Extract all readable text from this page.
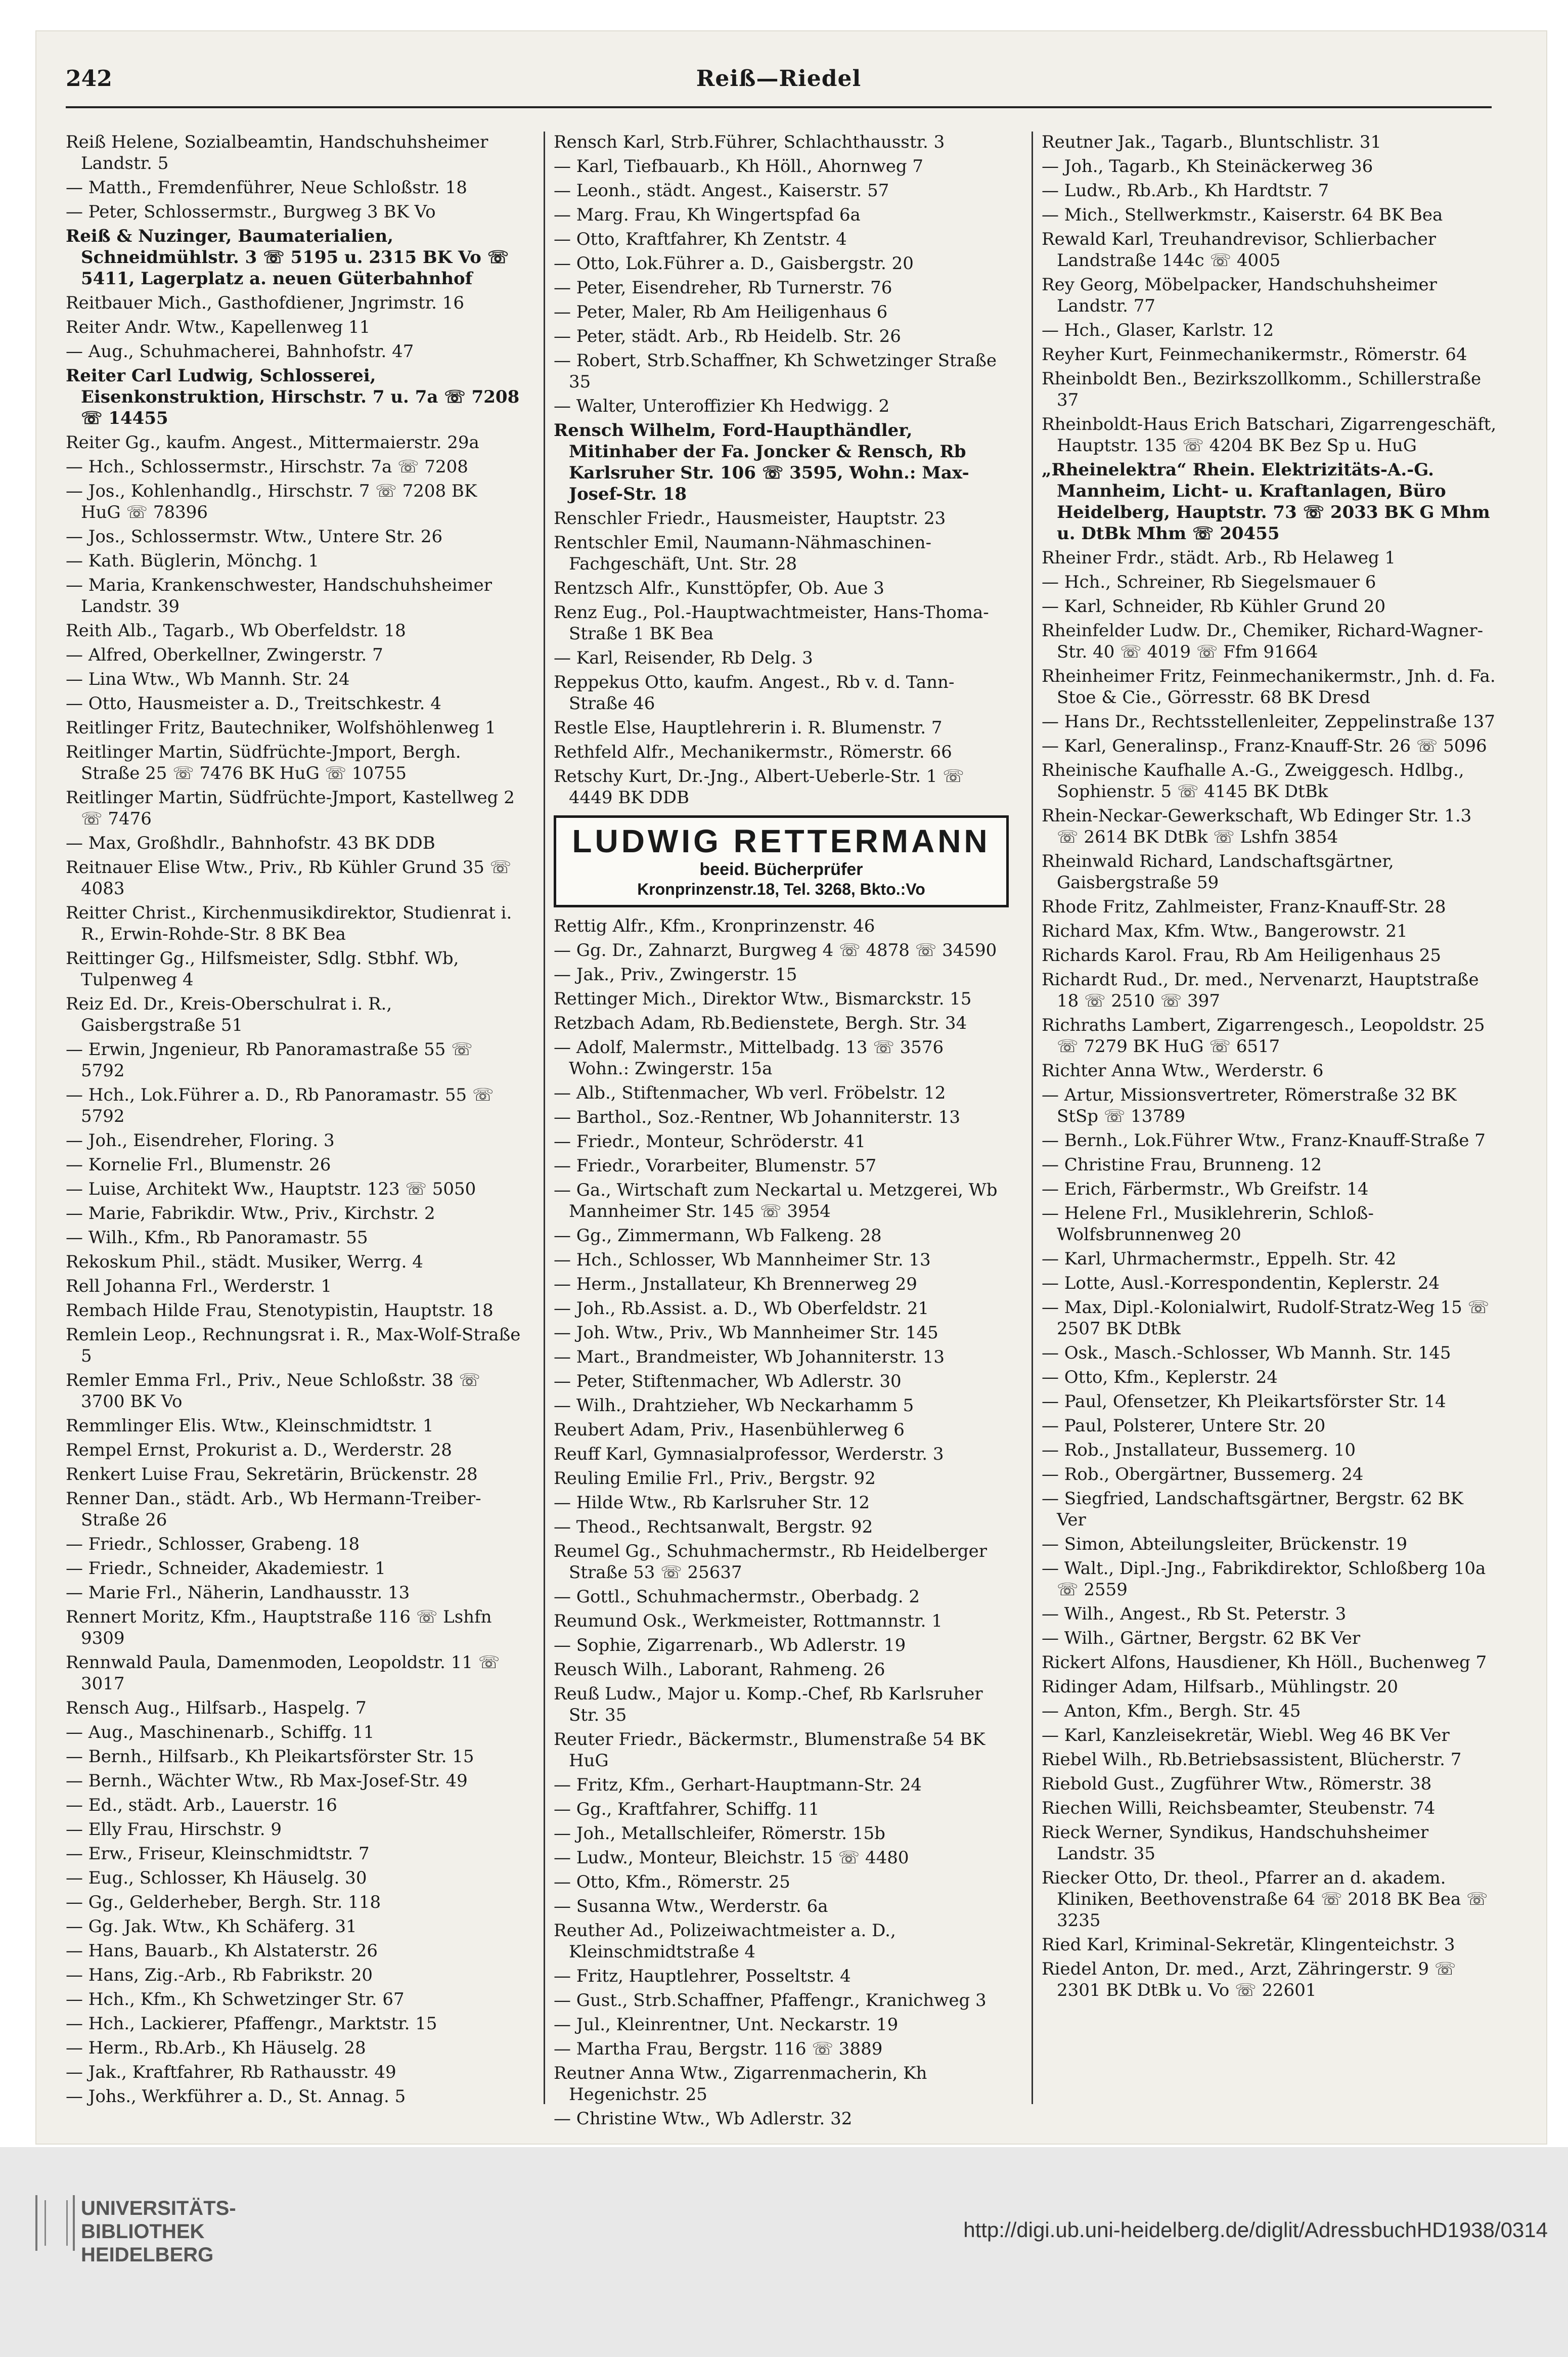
242	Reiß—Riedel
Reiß Helene, Sozialbeamtin, Handschuhsheimer Landstr. 5
— Matth., Fremdenführer, Neue Schloßstr. 18
— Peter, Schlossermstr., Burgweg 3 BK Vo
Reiß & Nuzinger, Baumaterialien, Schneidmühlstr. 3 ☏ 5195 u. 2315 BK Vo ☏ 5411, Lagerplatz a. neuen Güterbahnhof
Reitbauer Mich., Gasthofdiener, Jngrimstr. 16
Reiter Andr. Wtw., Kapellenweg 11
— Aug., Schuhmacherei, Bahnhofstr. 47
Reiter Carl Ludwig, Schlosserei, Eisenkonstruktion, Hirschstr. 7 u. 7a ☏ 7208 ☏ 14455
Reiter Gg., kaufm. Angest., Mittermaierstr. 29a
— Hch., Schlossermstr., Hirschstr. 7a ☏ 7208
— Jos., Kohlenhandlg., Hirschstr. 7 ☏ 7208 BK HuG ☏ 78396
— Jos., Schlossermstr. Wtw., Untere Str. 26
— Kath. Büglerin, Mönchg. 1
— Maria, Krankenschwester, Handschuhsheimer Landstr. 39
Reith Alb., Tagarb., Wb Oberfeldstr. 18
— Alfred, Oberkellner, Zwingerstr. 7
— Lina Wtw., Wb Mannh. Str. 24
— Otto, Hausmeister a. D., Treitschkestr. 4
Reitlinger Fritz, Bautechniker, Wolfshöhlenweg 1
Reitlinger Martin, Südfrüchte-Jmport, Bergh. Straße 25 ☏ 7476 BK HuG ☏ 10755
Reitlinger Martin, Südfrüchte-Jmport, Kastellweg 2 ☏ 7476
— Max, Großhdlr., Bahnhofstr. 43 BK DDB
Reitnauer Elise Wtw., Priv., Rb Kühler Grund 35 ☏ 4083
Reitter Christ., Kirchenmusikdirektor, Studienrat i. R., Erwin-Rohde-Str. 8 BK Bea
Reittinger Gg., Hilfsmeister, Sdlg. Stbhf. Wb, Tulpenweg 4
Reiz Ed. Dr., Kreis-Oberschulrat i. R., Gaisbergstraße 51
— Erwin, Jngenieur, Rb Panoramastraße 55 ☏ 5792
— Hch., Lok.Führer a. D., Rb Panoramastr. 55 ☏ 5792
— Joh., Eisendreher, Floring. 3
— Kornelie Frl., Blumenstr. 26
— Luise, Architekt Ww., Hauptstr. 123 ☏ 5050
— Marie, Fabrikdir. Wtw., Priv., Kirchstr. 2
— Wilh., Kfm., Rb Panoramastr. 55
Rekoskum Phil., städt. Musiker, Werrg. 4
Rell Johanna Frl., Werderstr. 1
Rembach Hilde Frau, Stenotypistin, Hauptstr. 18
Remlein Leop., Rechnungsrat i. R., Max-Wolf-Straße 5
Remler Emma Frl., Priv., Neue Schloßstr. 38 ☏ 3700 BK Vo
Remmlinger Elis. Wtw., Kleinschmidtstr. 1
Rempel Ernst, Prokurist a. D., Werderstr. 28
Renkert Luise Frau, Sekretärin, Brückenstr. 28
Renner Dan., städt. Arb., Wb Hermann-Treiber-Straße 26
— Friedr., Schlosser, Grabeng. 18
— Friedr., Schneider, Akademiestr. 1
— Marie Frl., Näherin, Landhausstr. 13
Rennert Moritz, Kfm., Hauptstraße 116 ☏ Lshfn 9309
Rennwald Paula, Damenmoden, Leopoldstr. 11 ☏ 3017
Rensch Aug., Hilfsarb., Haspelg. 7
— Aug., Maschinenarb., Schiffg. 11
— Bernh., Hilfsarb., Kh Pleikartsförster Str. 15
— Bernh., Wächter Wtw., Rb Max-Josef-Str. 49
— Ed., städt. Arb., Lauerstr. 16
— Elly Frau, Hirschstr. 9
— Erw., Friseur, Kleinschmidtstr. 7
— Eug., Schlosser, Kh Häuselg. 30
— Gg., Gelderheber, Bergh. Str. 118
— Gg. Jak. Wtw., Kh Schäferg. 31
— Hans, Bauarb., Kh Alstaterstr. 26
— Hans, Zig.-Arb., Rb Fabrikstr. 20
— Hch., Kfm., Kh Schwetzinger Str. 67
— Hch., Lackierer, Pfaffengr., Marktstr. 15
— Herm., Rb.Arb., Kh Häuselg. 28
— Jak., Kraftfahrer, Rb Rathausstr. 49
— Johs., Werkführer a. D., St. Annag. 5
Rensch Karl, Strb.Führer, Schlachthausstr. 3
— Karl, Tiefbauarb., Kh Höll., Ahornweg 7
— Leonh., städt. Angest., Kaiserstr. 57
— Marg. Frau, Kh Wingertspfad 6a
— Otto, Kraftfahrer, Kh Zentstr. 4
— Otto, Lok.Führer a. D., Gaisbergstr. 20
— Peter, Eisendreher, Rb Turnerstr. 76
— Peter, Maler, Rb Am Heiligenhaus 6
— Peter, städt. Arb., Rb Heidelb. Str. 26
— Robert, Strb.Schaffner, Kh Schwetzinger Straße 35
— Walter, Unteroffizier Kh Hedwigg. 2
Rensch Wilhelm, Ford-Haupthändler, Mitinhaber der Fa. Joncker & Rensch, Rb Karlsruher Str. 106 ☏ 3595, Wohn.: Max-Josef-Str. 18
Renschler Friedr., Hausmeister, Hauptstr. 23
Rentschler Emil, Naumann-Nähmaschinen-Fachgeschäft, Unt. Str. 28
Rentzsch Alfr., Kunsttöpfer, Ob. Aue 3
Renz Eug., Pol.-Hauptwachtmeister, Hans-Thoma-Straße 1 BK Bea
— Karl, Reisender, Rb Delg. 3
Reppekus Otto, kaufm. Angest., Rb v. d. Tann-Straße 46
Restle Else, Hauptlehrerin i. R. Blumenstr. 7
Rethfeld Alfr., Mechanikermstr., Römerstr. 66
Retschy Kurt, Dr.-Jng., Albert-Ueberle-Str. 1 ☏ 4449 BK DDB
LUDWIG RETTERMANN
beeid. Bücherprüfer
Kronprinzenstr.18, Tel. 3268, Bkto.:Vo
Rettig Alfr., Kfm., Kronprinzenstr. 46
— Gg. Dr., Zahnarzt, Burgweg 4 ☏ 4878 ☏ 34590
— Jak., Priv., Zwingerstr. 15
Rettinger Mich., Direktor Wtw., Bismarckstr. 15
Retzbach Adam, Rb.Bedienstete, Bergh. Str. 34
— Adolf, Malermstr., Mittelbadg. 13 ☏ 3576 Wohn.: Zwingerstr. 15a
— Alb., Stiftenmacher, Wb verl. Fröbelstr. 12
— Barthol., Soz.-Rentner, Wb Johanniterstr. 13
— Friedr., Monteur, Schröderstr. 41
— Friedr., Vorarbeiter, Blumenstr. 57
— Ga., Wirtschaft zum Neckartal u. Metzgerei, Wb Mannheimer Str. 145 ☏ 3954
— Gg., Zimmermann, Wb Falkeng. 28
— Hch., Schlosser, Wb Mannheimer Str. 13
— Herm., Jnstallateur, Kh Brennerweg 29
— Joh., Rb.Assist. a. D., Wb Oberfeldstr. 21
— Joh. Wtw., Priv., Wb Mannheimer Str. 145
— Mart., Brandmeister, Wb Johanniterstr. 13
— Peter, Stiftenmacher, Wb Adlerstr. 30
— Wilh., Drahtzieher, Wb Neckarhamm 5
Reubert Adam, Priv., Hasenbühlerweg 6
Reuff Karl, Gymnasialprofessor, Werderstr. 3
Reuling Emilie Frl., Priv., Bergstr. 92
— Hilde Wtw., Rb Karlsruher Str. 12
— Theod., Rechtsanwalt, Bergstr. 92
Reumel Gg., Schuhmachermstr., Rb Heidelberger Straße 53 ☏ 25637
— Gottl., Schuhmachermstr., Oberbadg. 2
Reumund Osk., Werkmeister, Rottmannstr. 1
— Sophie, Zigarrenarb., Wb Adlerstr. 19
Reusch Wilh., Laborant, Rahmeng. 26
Reuß Ludw., Major u. Komp.-Chef, Rb Karlsruher Str. 35
Reuter Friedr., Bäckermstr., Blumenstraße 54 BK HuG
— Fritz, Kfm., Gerhart-Hauptmann-Str. 24
— Gg., Kraftfahrer, Schiffg. 11
— Joh., Metallschleifer, Römerstr. 15b
— Ludw., Monteur, Bleichstr. 15 ☏ 4480
— Otto, Kfm., Römerstr. 25
— Susanna Wtw., Werderstr. 6a
Reuther Ad., Polizeiwachtmeister a. D., Kleinschmidtstraße 4
— Fritz, Hauptlehrer, Posseltstr. 4
— Gust., Strb.Schaffner, Pfaffengr., Kranichweg 3
— Jul., Kleinrentner, Unt. Neckarstr. 19
— Martha Frau, Bergstr. 116 ☏ 3889
Reutner Anna Wtw., Zigarrenmacherin, Kh Hegenichstr. 25
— Christine Wtw., Wb Adlerstr. 32
Reutner Jak., Tagarb., Bluntschlistr. 31
— Joh., Tagarb., Kh Steinäckerweg 36
— Ludw., Rb.Arb., Kh Hardtstr. 7
— Mich., Stellwerkmstr., Kaiserstr. 64 BK Bea
Rewald Karl, Treuhandrevisor, Schlierbacher Landstraße 144c ☏ 4005
Rey Georg, Möbelpacker, Handschuhsheimer Landstr. 77
— Hch., Glaser, Karlstr. 12
Reyher Kurt, Feinmechanikermstr., Römerstr. 64
Rheinboldt Ben., Bezirkszollkomm., Schillerstraße 37
Rheinboldt-Haus Erich Batschari, Zigarrengeschäft, Hauptstr. 135 ☏ 4204 BK Bez Sp u. HuG
„Rheinelektra“ Rhein. Elektrizitäts-A.-G. Mannheim, Licht- u. Kraftanlagen, Büro Heidelberg, Hauptstr. 73 ☏ 2033 BK G Mhm u. DtBk Mhm ☏ 20455
Rheiner Frdr., städt. Arb., Rb Helaweg 1
— Hch., Schreiner, Rb Siegelsmauer 6
— Karl, Schneider, Rb Kühler Grund 20
Rheinfelder Ludw. Dr., Chemiker, Richard-Wagner-Str. 40 ☏ 4019 ☏ Ffm 91664
Rheinheimer Fritz, Feinmechanikermstr., Jnh. d. Fa. Stoe & Cie., Görresstr. 68 BK Dresd
— Hans Dr., Rechtsstellenleiter, Zeppelinstraße 137
— Karl, Generalinsp., Franz-Knauff-Str. 26 ☏ 5096
Rheinische Kaufhalle A.-G., Zweiggesch. Hdlbg., Sophienstr. 5 ☏ 4145 BK DtBk
Rhein-Neckar-Gewerkschaft, Wb Edinger Str. 1.3 ☏ 2614 BK DtBk ☏ Lshfn 3854
Rheinwald Richard, Landschaftsgärtner, Gaisbergstraße 59
Rhode Fritz, Zahlmeister, Franz-Knauff-Str. 28
Richard Max, Kfm. Wtw., Bangerowstr. 21
Richards Karol. Frau, Rb Am Heiligenhaus 25
Richardt Rud., Dr. med., Nervenarzt, Hauptstraße 18 ☏ 2510 ☏ 397
Richraths Lambert, Zigarrengesch., Leopoldstr. 25 ☏ 7279 BK HuG ☏ 6517
Richter Anna Wtw., Werderstr. 6
— Artur, Missionsvertreter, Römerstraße 32 BK StSp ☏ 13789
— Bernh., Lok.Führer Wtw., Franz-Knauff-Straße 7
— Christine Frau, Brunneng. 12
— Erich, Färbermstr., Wb Greifstr. 14
— Helene Frl., Musiklehrerin, Schloß-Wolfsbrunnenweg 20
— Karl, Uhrmachermstr., Eppelh. Str. 42
— Lotte, Ausl.-Korrespondentin, Keplerstr. 24
— Max, Dipl.-Kolonialwirt, Rudolf-Stratz-Weg 15 ☏ 2507 BK DtBk
— Osk., Masch.-Schlosser, Wb Mannh. Str. 145
— Otto, Kfm., Keplerstr. 24
— Paul, Ofensetzer, Kh Pleikartsförster Str. 14
— Paul, Polsterer, Untere Str. 20
— Rob., Jnstallateur, Bussemerg. 10
— Rob., Obergärtner, Bussemerg. 24
— Siegfried, Landschaftsgärtner, Bergstr. 62 BK Ver
— Simon, Abteilungsleiter, Brückenstr. 19
— Walt., Dipl.-Jng., Fabrikdirektor, Schloßberg 10a ☏ 2559
— Wilh., Angest., Rb St. Peterstr. 3
— Wilh., Gärtner, Bergstr. 62 BK Ver
Rickert Alfons, Hausdiener, Kh Höll., Buchenweg 7
Ridinger Adam, Hilfsarb., Mühlingstr. 20
— Anton, Kfm., Bergh. Str. 45
— Karl, Kanzleisekretär, Wiebl. Weg 46 BK Ver
Riebel Wilh., Rb.Betriebsassistent, Blücherstr. 7
Riebold Gust., Zugführer Wtw., Römerstr. 38
Riechen Willi, Reichsbeamter, Steubenstr. 74
Rieck Werner, Syndikus, Handschuhsheimer Landstr. 35
Riecker Otto, Dr. theol., Pfarrer an d. akadem. Kliniken, Beethovenstraße 64 ☏ 2018 BK Bea ☏ 3235
Ried Karl, Kriminal-Sekretär, Klingenteichstr. 3
Riedel Anton, Dr. med., Arzt, Zähringerstr. 9 ☏ 2301 BK DtBk u. Vo ☏ 22601
UNIVERSITÄTS-
BIBLIOTHEK
HEIDELBERG
http://digi.ub.uni-heidelberg.de/diglit/AdressbuchHD1938/0314
